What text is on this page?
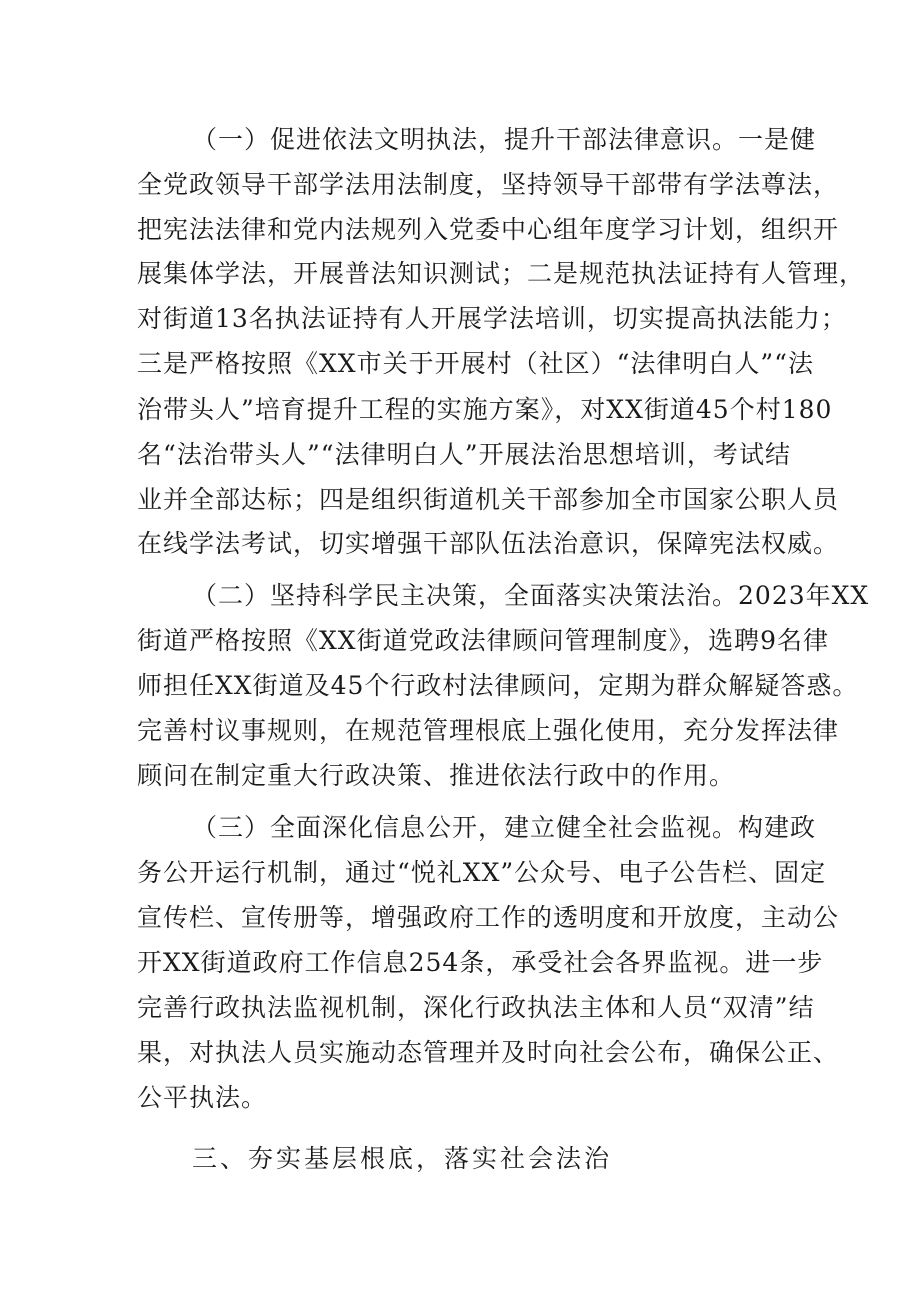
（一）促进依法文明执法，提升干部法律意识。一是健
全党政领导干部学法用法制度，坚持领导干部带有学法尊法，
把宪法法律和党内法规列入党委中心组年度学习计划，组织开
展集体学法，开展普法知识测试；二是规范执法证持有人管理，
对街道13名执法证持有人开展学法培训，切实提高执法能力；
三是严格按照《XX市关于开展村（社区）“法律明白人”“法
治带头人”培育提升工程的实施方案》，对XX街道45个村180
名“法治带头人”“法律明白人”开展法治思想培训，考试结
业并全部达标；四是组织街道机关干部参加全市国家公职人员
在线学法考试，切实增强干部队伍法治意识，保障宪法权威。
（二）坚持科学民主决策，全面落实决策法治。2023年XX
街道严格按照《XX街道党政法律顾问管理制度》，选聘9名律
师担任XX街道及45个行政村法律顾问，定期为群众解疑答惑。
完善村议事规则，在规范管理根底上强化使用，充分发挥法律
顾问在制定重大行政决策、推进依法行政中的作用。
（三）全面深化信息公开，建立健全社会监视。构建政
务公开运行机制，通过“悦礼XX”公众号、电子公告栏、固定
宣传栏、宣传册等，增强政府工作的透明度和开放度，主动公
开XX街道政府工作信息254条，承受社会各界监视。进一步
完善行政执法监视机制，深化行政执法主体和人员“双清”结
果，对执法人员实施动态管理并及时向社会公布，确保公正、
公平执法。
三、夯实基层根底，落实社会法治
